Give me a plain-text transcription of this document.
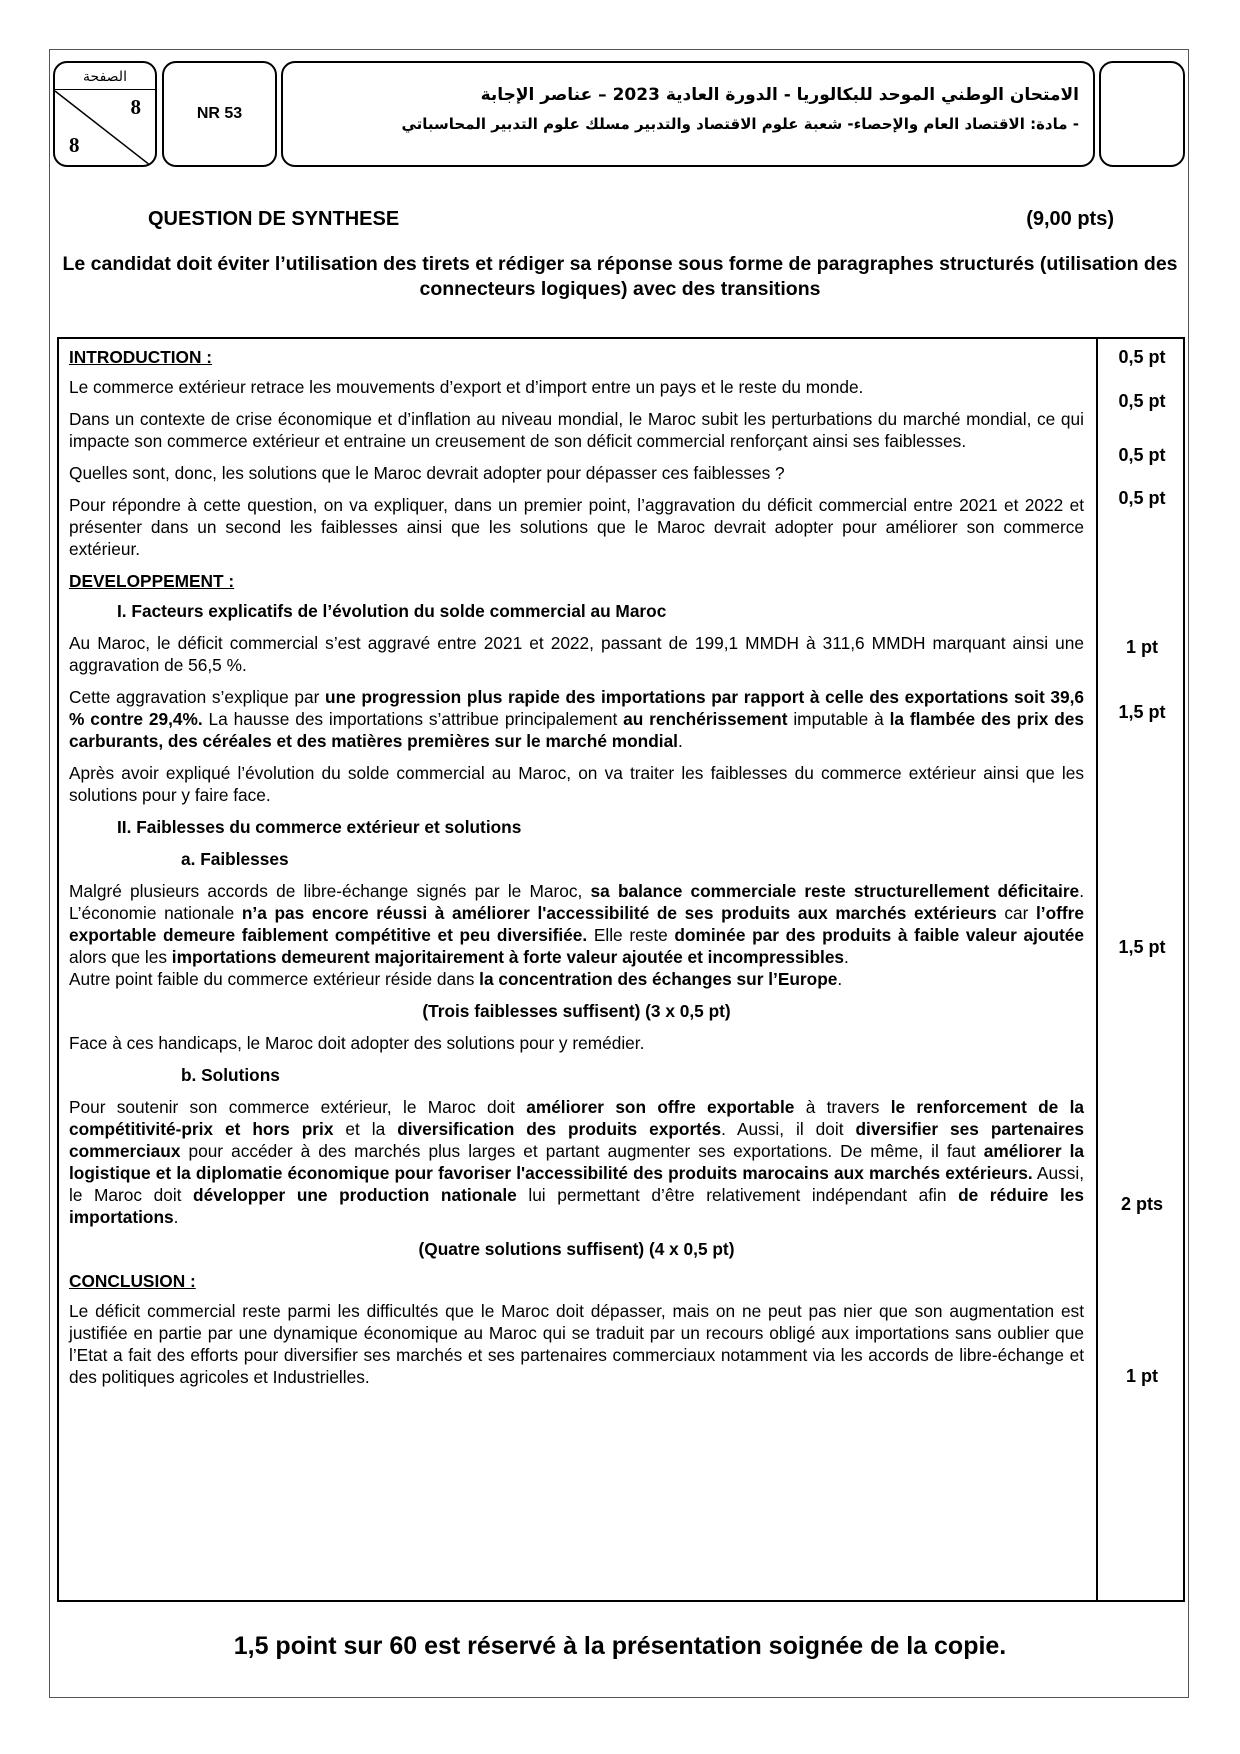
الصفحة
8
8
NR 53
الامتحان الوطني الموحد للبكالوريا - الدورة العادية 2023 – عناصر الإجابة
- مادة: الاقتصاد العام والإحصاء- شعبة علوم الاقتصاد والتدبير مسلك علوم التدبير المحاسباتي
QUESTION DE SYNTHESE	(9,00 pts)
Le candidat doit éviter l’utilisation des tirets et rédiger sa réponse sous forme de paragraphes structurés (utilisation des connecteurs logiques) avec des transitions
INTRODUCTION :

Le commerce extérieur retrace les mouvements d’export et d’import entre un pays et le reste du monde.

Dans un contexte de crise économique et d’inflation au niveau mondial, le Maroc subit les perturbations du marché mondial, ce qui impacte son commerce extérieur et entraine un creusement de son déficit commercial renforçant ainsi ses faiblesses.

Quelles sont, donc, les solutions que le Maroc devrait adopter pour dépasser ces faiblesses ?

Pour répondre à cette question, on va expliquer, dans un premier point, l’aggravation du déficit commercial entre 2021 et 2022 et présenter dans un second les faiblesses ainsi que les solutions que le Maroc devrait adopter pour améliorer son commerce extérieur.

DEVELOPPEMENT :
I. Facteurs explicatifs de l’évolution du solde commercial au Maroc

Au Maroc, le déficit commercial s’est aggravé entre 2021 et 2022, passant de 199,1 MMDH à 311,6 MMDH marquant ainsi une aggravation de 56,5 %.

Cette aggravation s’explique par une progression plus rapide des importations par rapport à celle des exportations soit 39,6 % contre 29,4%. La hausse des importations s’attribue principalement au renchérissement imputable à la flambée des prix des carburants, des céréales et des matières premières sur le marché mondial.

Après avoir expliqué l’évolution du solde commercial au Maroc, on va traiter les faiblesses du commerce extérieur ainsi que les solutions pour y faire face.

II. Faiblesses du commerce extérieur et solutions
a. Faiblesses

Malgré plusieurs accords de libre-échange signés par le Maroc, sa balance commerciale reste structurellement déficitaire. L’économie nationale n’a pas encore réussi à améliorer l'accessibilité de ses produits aux marchés extérieurs car l’offre exportable demeure faiblement compétitive et peu diversifiée. Elle reste dominée par des produits à faible valeur ajoutée alors que les importations demeurent majoritairement à forte valeur ajoutée et incompressibles.

Autre point faible du commerce extérieur réside dans la concentration des échanges sur l’Europe.

(Trois faiblesses suffisent) (3 x 0,5 pt)

Face à ces handicaps, le Maroc doit adopter des solutions pour y remédier.

b. Solutions

Pour soutenir son commerce extérieur, le Maroc doit améliorer son offre exportable à travers le renforcement de la compétitivité-prix et hors prix et la diversification des produits exportés. Aussi, il doit diversifier ses partenaires commerciaux pour accéder à des marchés plus larges et partant augmenter ses exportations. De même, il faut améliorer la logistique et la diplomatie économique pour favoriser l'accessibilité des produits marocains aux marchés extérieurs. Aussi, le Maroc doit développer une production nationale lui permettant d’être relativement indépendant afin de réduire les importations.

(Quatre solutions suffisent) (4 x 0,5 pt)
CONCLUSION :

Le déficit commercial reste parmi les difficultés que le Maroc doit dépasser, mais on ne peut pas nier que son augmentation est justifiée en partie par une dynamique économique au Maroc qui se traduit par un recours obligé aux importations sans oublier que l’Etat a fait des efforts pour diversifier ses marchés et ses partenaires commerciaux notamment via les accords de libre-échange et des politiques agricoles et Industrielles.

0,5 pt
0,5 pt
0,5 pt
0,5 pt
1 pt
1,5 pt
1,5 pt
2 pts
1 pt
1,5 point sur 60 est réservé à la présentation soignée de la copie.
